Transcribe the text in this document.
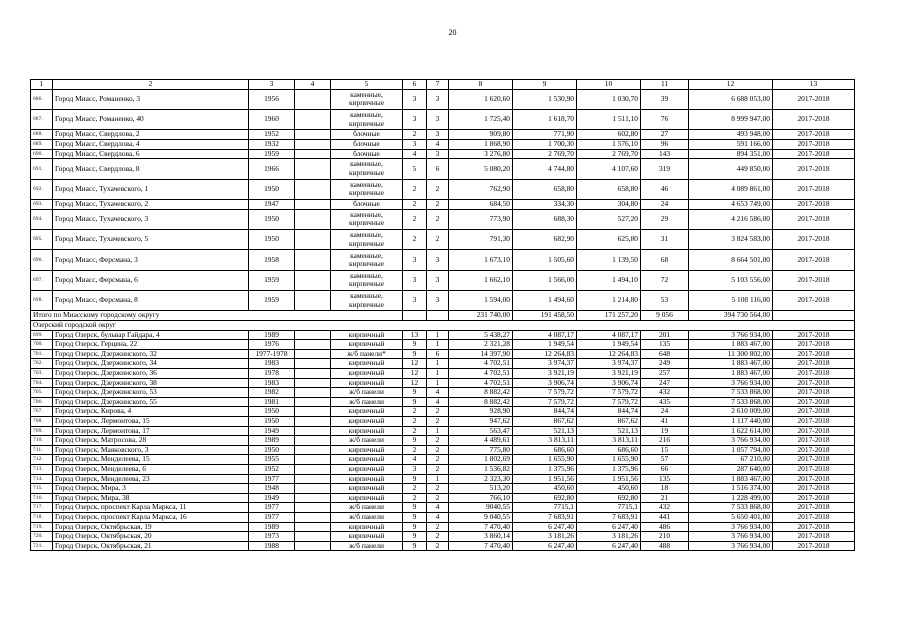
20
1	2	3	4	5	6	7	8	9	10	11	12	13
686.	Город Миасс, Романенко, 3	1956		каменные, кирпичные	3	3	1 620,60	1 530,90	1 030,70	39	6 688 053,00	2017-2018
687.	Город Миасс, Романенко, 40	1960		каменные, кирпичные	3	3	1 725,40	1 618,70	1 511,10	76	8 999 947,00	2017-2018
688.	Город Миасс, Свердлова, 2	1952		блочные	2	3	909,80	771,90	602,80	27	493 948,00	2017-2018
689.	Город Миасс, Свердлова, 4	1932		блочные	3	4	1 868,90	1 700,30	1 576,10	96	591 166,00	2017-2018
690.	Город Миасс, Свердлова, 6	1959		блочные	4	3	3 276,80	2 769,70	2 769,70	143	894 351,00	2017-2018
691.	Город Миасс, Свердлова, 8	1966		каменные, кирпичные	5	6	5 080,20	4 744,80	4 107,60	319	449 850,00	2017-2018
692.	Город Миасс, Тухачевского, 1	1950		каменные, кирпичные	2	2	762,90	658,80	658,80	46	4 089 861,00	2017-2018
693.	Город Миасс, Тухачевского, 2	1947		блочные	2	2	684,50	334,30	304,80	24	4 653 749,00	2017-2018
694.	Город Миасс, Тухачевского, 3	1950		каменные, кирпичные	2	2	773,90	688,30	527,20	29	4 216 586,00	2017-2018
695.	Город Миасс, Тухачевского, 5	1950		каменные, кирпичные	2	2	791,30	682,90	625,80	31	3 824 583,00	2017-2018
696.	Город Миасс, Ферсмана, 3	1958		каменные, кирпичные	3	3	1 673,10	1 505,60	1 139,50	68	8 664 501,00	2017-2018
697.	Город Миасс, Ферсмана, 6	1959		каменные, кирпичные	3	3	1 662,10	1 566,00	1 494,10	72	5 103 556,00	2017-2018
698.	Город Миасс, Ферсмана, 8	1959		каменные, кирпичные	3	3	1 594,00	1 494,60	1 214,80	53	5 108 116,00	2017-2018
Итого по Миасскому городскому округу							231 740,00	191 458,50	171 257,20	9 056	394 730 564,00	
Озерский городской округ												
699.	Город Озерск, бульвар Гайдара, 4	1989		кирпичный	13	1	5 438,27	4 087,17	4 087,17	201	3 766 934,00	2017-2018
700.	Город Озерск, Герцена, 22	1976		кирпичный	9	1	2 321,28	1 949,54	1 949,54	135	1 883 467,00	2017-2018
701.	Город Озерск, Дзержинского, 32	1977-1978		ж/б панели*	9	6	14 397,90	12 264,83	12 264,83	648	11 300 802,00	2017-2018
702.	Город Озерск, Дзержинского, 34	1983		кирпичный	12	1	4 702,51	3 974,37	3 974,37	249	1 883 467,00	2017-2018
703.	Город Озерск, Дзержинского, 36	1978		кирпичный	12	1	4 702,51	3 921,19	3 921,19	257	1 883 467,00	2017-2018
704.	Город Озерск, Дзержинского, 38	1983		кирпичный	12	1	4 702,51	3 906,74	3 906,74	247	3 766 934,00	2017-2018
705.	Город Озерск, Дзержинского, 53	1982		ж/б панели	9	4	8 882,42	7 579,72	7 579,72	432	7 533 868,00	2017-2018
706.	Город Озерск, Дзержинского, 55	1981		ж/б панели	9	4	8 882,42	7 579,72	7 579,72	435	7 533 868,00	2017-2018
707.	Город Озерск, Кирова, 4	1950		кирпичный	2	2	928,90	844,74	844,74	24	2 610 009,00	2017-2018
708.	Город Озерск, Лермонтова, 15	1950		кирпичный	2	2	947,62	867,62	867,62	41	1 117 440,00	2017-2018
709.	Город Озерск, Лермонтова, 17	1949		кирпичный	2	1	563,47	521,13	521,13	19	1 622 614,00	2017-2018
710.	Город Озерск, Матросова, 28	1989		ж/б панели	9	2	4 489,61	3 813,11	3 813,11	216	3 766 934,00	2017-2018
711.	Город Озерск, Маяковского, 3	1950		кирпичный	2	2	775,80	686,60	686,60	15	1 057 794,00	2017-2018
712.	Город Озерск, Менделеева, 15	1955		кирпичный	4	2	1 802,69	1 655,90	1 655,90	57	67 210,00	2017-2018
713.	Город Озерск, Менделеева, 6	1952		кирпичный	3	2	1 536,82	1 375,96	1 375,96	66	287 640,00	2017-2018
714.	Город Озерск, Менделеева, 23	1977		кирпичный	9	1	2 323,30	1 951,56	1 951,56	135	1 883 467,00	2017-2018
715.	Город Озерск, Мира, 3	1948		кирпичный	2	2	513,20	450,60	450,60	18	1 516 374,00	2017-2018
716.	Город Озерск, Мира, 38	1949		кирпичный	2	2	766,10	692,80	692,80	21	1 228 499,00	2017-2018
717.	Город Озерск, проспект Карла Маркса, 11	1977		ж/б панели	9	4	9040,55	7715,1	7715,1	432	7 533 868,00	2017-2018
718.	Город Озерск, проспект Карла Маркса, 16	1977		ж/б панели	9	4	9 040,55	7 683,91	7 683,91	441	5 650 401,00	2017-2018
719.	Город Озерск, Октябрьская, 19	1989		кирпичный	9	2	7 470,40	6 247,40	6 247,40	486	3 766 934,00	2017-2018
720.	Город Озерск, Октябрьская, 20	1973		кирпичный	9	2	3 860,14	3 181,26	3 181,26	210	3 766 934,00	2017-2018
721.	Город Озерск, Октябрьская, 21	1988		ж/б панели	9	2	7 470,40	6 247,40	6 247,40	488	3 766 934,00	2017-2018
